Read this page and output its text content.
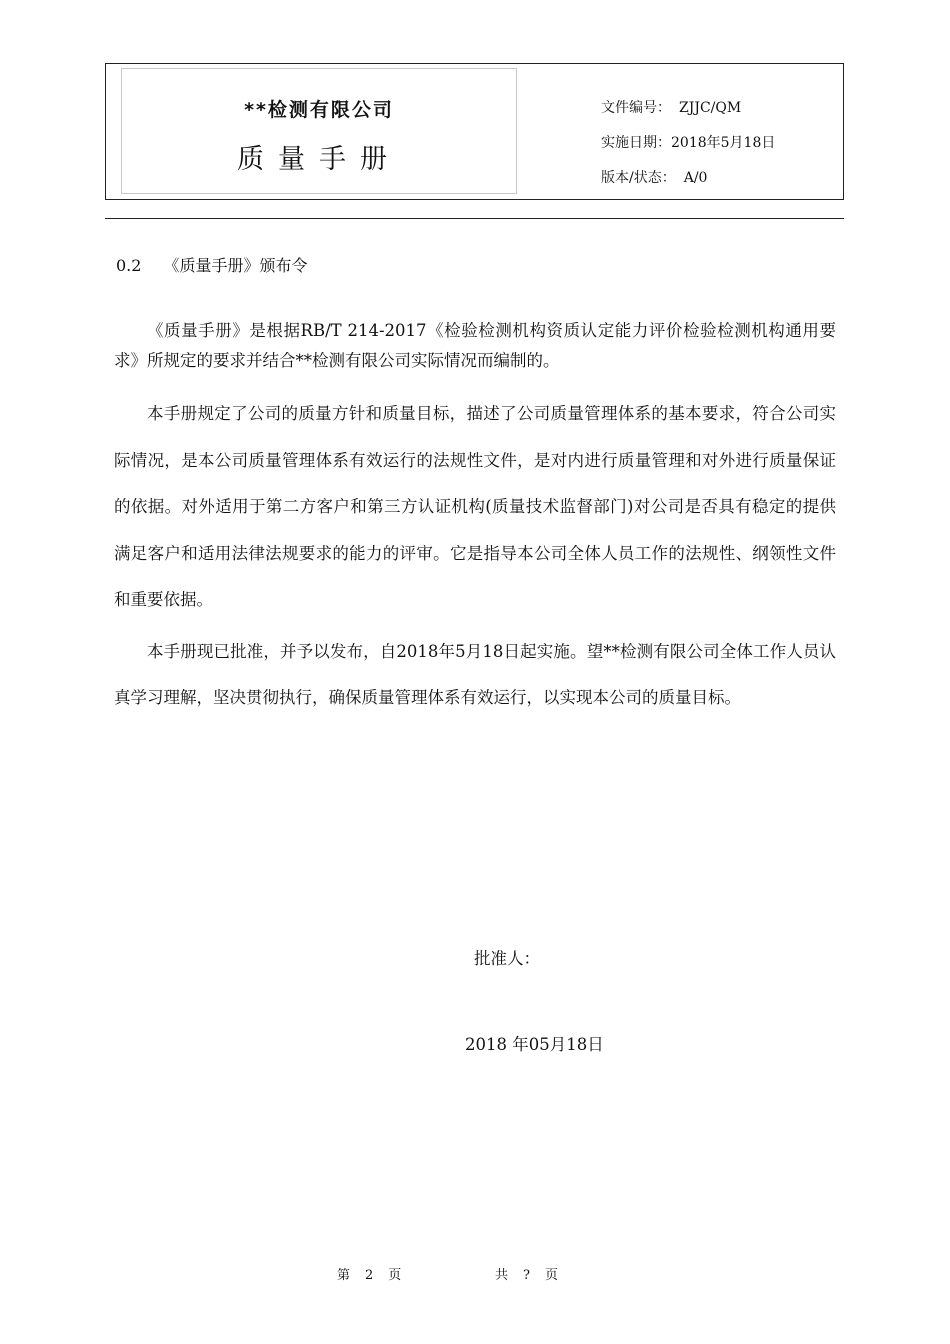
**检测有限公司
质量手册
文件编号： ZJJC/QM
实施日期：2018年5月18日
版本/状态： A/0
0.2 《质量手册》颁布令

《质量手册》是根据RB/T 214-2017《检验检测机构资质认定能力评价检验检测机构通用要求》所规定的要求并结合**检测有限公司实际情况而编制的。

本手册规定了公司的质量方针和质量目标，描述了公司质量管理体系的基本要求，符合公司实际情况，是本公司质量管理体系有效运行的法规性文件，是对内进行质量管理和对外进行质量保证的依据。对外适用于第二方客户和第三方认证机构(质量技术监督部门)对公司是否具有稳定的提供满足客户和适用法律法规要求的能力的评审。它是指导本公司全体人员工作的法规性、纲领性文件和重要依据。

本手册现已批准，并予以发布，自2018年5月18日起实施。望**检测有限公司全体工作人员认真学习理解，坚决贯彻执行，确保质量管理体系有效运行，以实现本公司的质量目标。

批准人：
2018 年05月18日
第 2 页	共 ? 页
